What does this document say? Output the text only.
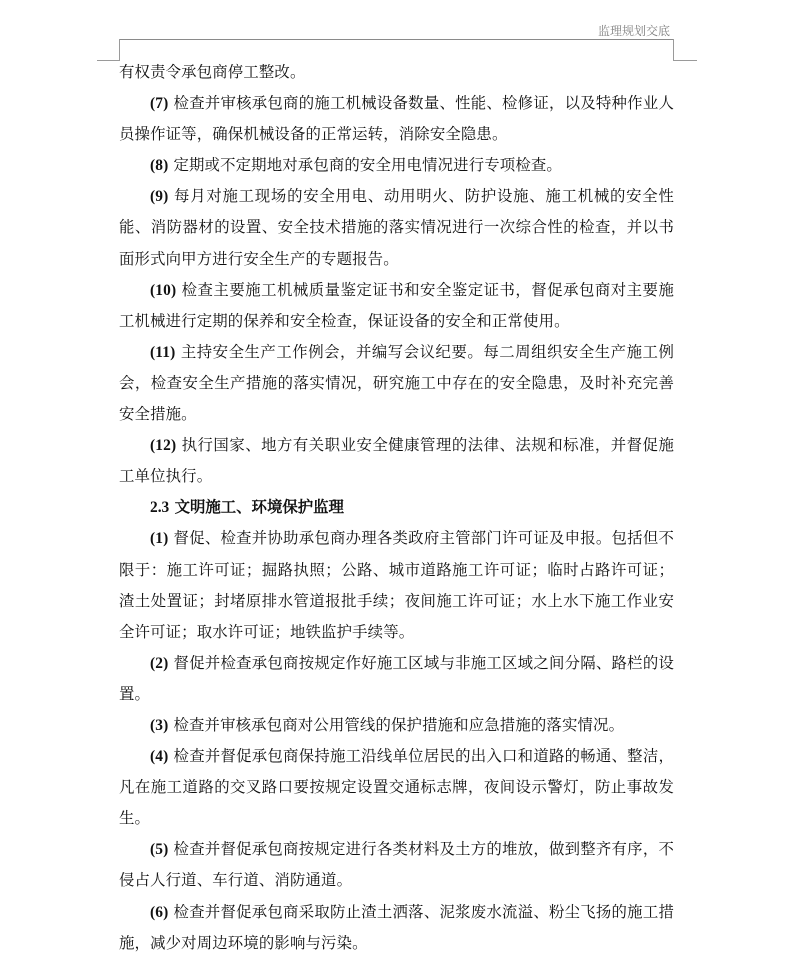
监理规划交底

有权责令承包商停工整改。

(7) 检查并审核承包商的施工机械设备数量、性能、检修证，以及特种作业人员操作证等，确保机械设备的正常运转，消除安全隐患。

(8) 定期或不定期地对承包商的安全用电情况进行专项检查。

(9) 每月对施工现场的安全用电、动用明火、防护设施、施工机械的安全性能、消防器材的设置、安全技术措施的落实情况进行一次综合性的检查，并以书面形式向甲方进行安全生产的专题报告。

(10) 检查主要施工机械质量鉴定证书和安全鉴定证书，督促承包商对主要施工机械进行定期的保养和安全检查，保证设备的安全和正常使用。

(11) 主持安全生产工作例会，并编写会议纪要。每二周组织安全生产施工例会，检查安全生产措施的落实情况，研究施工中存在的安全隐患，及时补充完善安全措施。

(12) 执行国家、地方有关职业安全健康管理的法律、法规和标准，并督促施工单位执行。

2.3 文明施工、环境保护监理

(1) 督促、检查并协助承包商办理各类政府主管部门许可证及申报。包括但不限于：施工许可证；掘路执照；公路、城市道路施工许可证；临时占路许可证；渣土处置证；封堵原排水管道报批手续；夜间施工许可证；水上水下施工作业安全许可证；取水许可证；地铁监护手续等。

(2) 督促并检查承包商按规定作好施工区域与非施工区域之间分隔、路栏的设置。

(3) 检查并审核承包商对公用管线的保护措施和应急措施的落实情况。

(4) 检查并督促承包商保持施工沿线单位居民的出入口和道路的畅通、整洁，凡在施工道路的交叉路口要按规定设置交通标志牌，夜间设示警灯，防止事故发生。

(5) 检查并督促承包商按规定进行各类材料及土方的堆放，做到整齐有序，不侵占人行道、车行道、消防通道。

(6) 检查并督促承包商采取防止渣土洒落、泥浆废水流溢、粉尘飞扬的施工措施，减少对周边环境的影响与污染。
